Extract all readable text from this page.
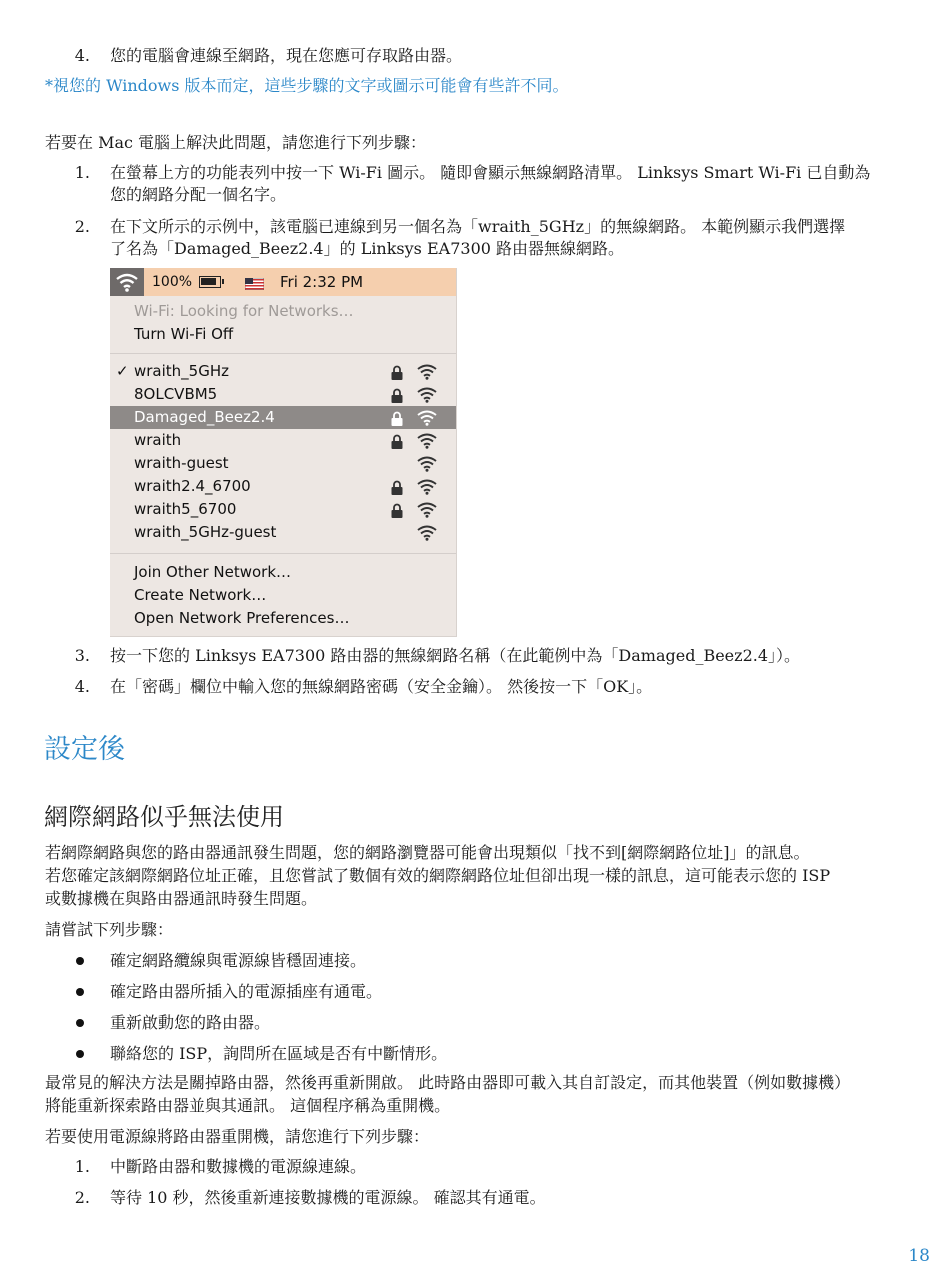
4. 您的電腦會連線至網路，現在您應可存取路由器。
*視您的 Windows 版本而定，這些步驟的文字或圖示可能會有些許不同。
若要在 Mac 電腦上解決此問題，請您進行下列步驟：
1. 在螢幕上方的功能表列中按一下 Wi-Fi 圖示。 隨即會顯示無線網路清單。 Linksys Smart Wi-Fi 已自動為
您的網路分配一個名字。
2. 在下文所示的示例中，該電腦已連線到另一個名為「wraith_5GHz」的無線網路。 本範例顯示我們選擇
了名為「Damaged_Beez2.4」的 Linksys EA7300 路由器無線網路。
100%	Fri 2:32 PM
Wi-Fi: Looking for Networks…
Turn Wi-Fi Off
✓ wraith_5GHz
8OLCVBM5
Damaged_Beez2.4
wraith
wraith-guest
wraith2.4_6700
wraith5_6700
wraith_5GHz-guest
Join Other Network…
Create Network…
Open Network Preferences…
3. 按一下您的 Linksys EA7300 路由器的無線網路名稱（在此範例中為「Damaged_Beez2.4」）。
4. 在「密碼」欄位中輸入您的無線網路密碼（安全金鑰）。 然後按一下「OK」。
設定後
網際網路似乎無法使用
若網際網路與您的路由器通訊發生問題，您的網路瀏覽器可能會出現類似「找不到[網際網路位址]」的訊息。
若您確定該網際網路位址正確，且您嘗試了數個有效的網際網路位址但卻出現一樣的訊息，這可能表示您的 ISP
或數據機在與路由器通訊時發生問題。
請嘗試下列步驟：
確定網路纜線與電源線皆穩固連接。
確定路由器所插入的電源插座有通電。
重新啟動您的路由器。
聯絡您的 ISP，詢問所在區域是否有中斷情形。
最常見的解決方法是關掉路由器，然後再重新開啟。 此時路由器即可載入其自訂設定，而其他裝置（例如數據機）
將能重新探索路由器並與其通訊。 這個程序稱為重開機。
若要使用電源線將路由器重開機，請您進行下列步驟：
1. 中斷路由器和數據機的電源線連線。
2. 等待 10 秒，然後重新連接數據機的電源線。 確認其有通電。
18
